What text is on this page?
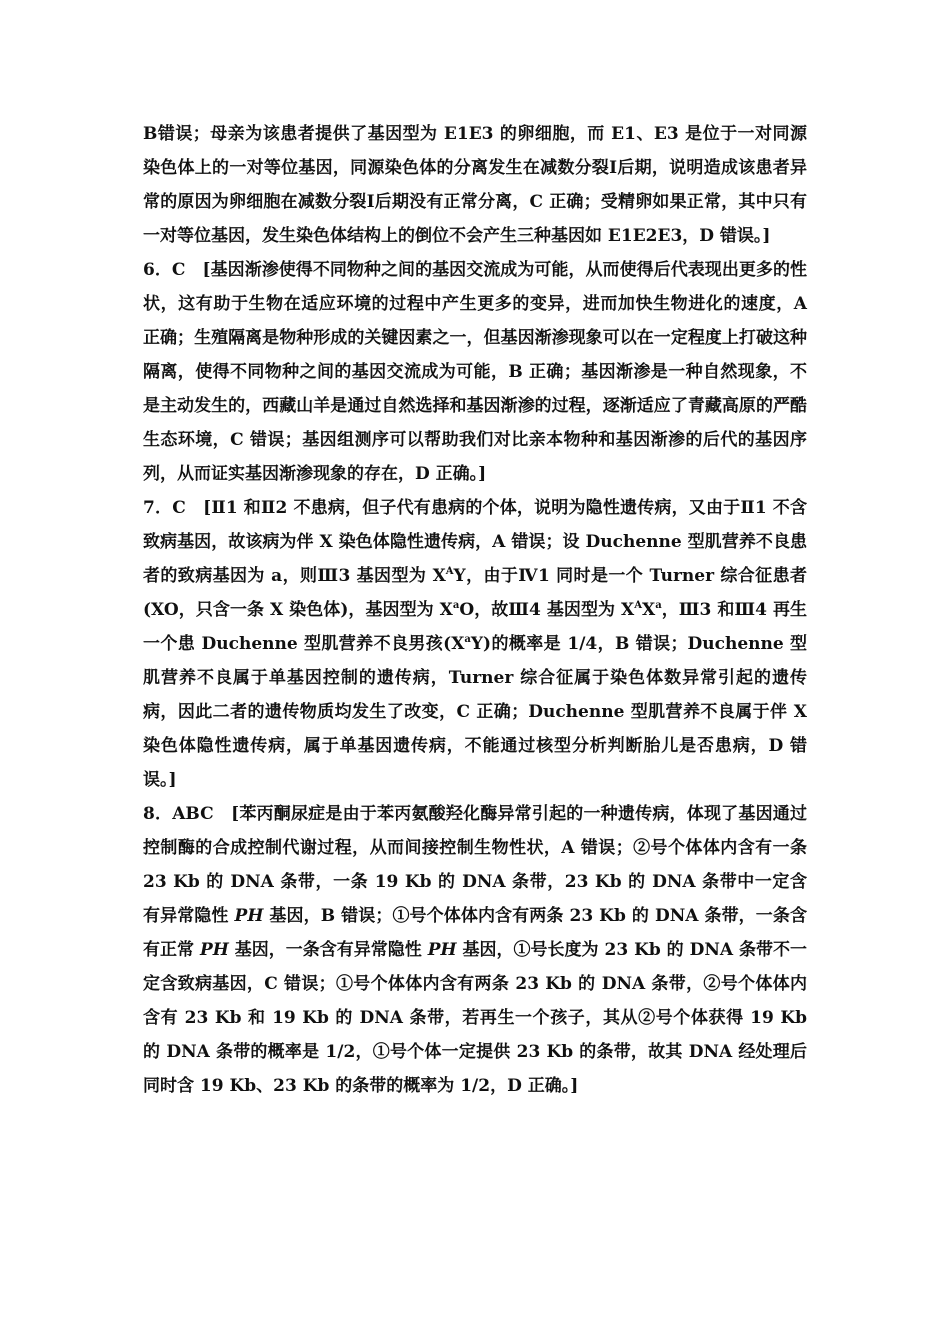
B错误；母亲为该患者提供了基因型为 E1E3 的卵细胞，而 E1、E3 是位于一对同源染色体上的一对等位基因，同源染色体的分离发生在减数分裂Ⅰ后期，说明造成该患者异常的原因为卵细胞在减数分裂Ⅰ后期没有正常分离，C 正确；受精卵如果正常，其中只有一对等位基因，发生染色体结构上的倒位不会产生三种基因如 E1E2E3，D 错误。]

6．C　[基因渐渗使得不同物种之间的基因交流成为可能，从而使得后代表现出更多的性状，这有助于生物在适应环境的过程中产生更多的变异，进而加快生物进化的速度，A 正确；生殖隔离是物种形成的关键因素之一，但基因渐渗现象可以在一定程度上打破这种隔离，使得不同物种之间的基因交流成为可能，B 正确；基因渐渗是一种自然现象，不是主动发生的，西藏山羊是通过自然选择和基因渐渗的过程，逐渐适应了青藏高原的严酷生态环境，C 错误；基因组测序可以帮助我们对比亲本物种和基因渐渗的后代的基因序列，从而证实基因渐渗现象的存在，D 正确。]

7．C　[Ⅱ1 和Ⅱ2 不患病，但子代有患病的个体，说明为隐性遗传病，又由于Ⅱ1 不含致病基因，故该病为伴 X 染色体隐性遗传病，A 错误；设 Duchenne 型肌营养不良患者的致病基因为 a，则Ⅲ3 基因型为 $X^AY$，由于Ⅳ1 同时是一个 Turner 综合征患者(XO，只含一条 X 染色体)，基因型为 $X^aO$，故Ⅲ4 基因型为 $X^AX^a$，Ⅲ3 和Ⅲ4 再生一个患 Duchenne 型肌营养不良男孩$(X^aY)$的概率是 1/4，B 错误；Duchenne 型肌营养不良属于单基因控制的遗传病，Turner 综合征属于染色体数异常引起的遗传病，因此二者的遗传物质均发生了改变，C 正确；Duchenne 型肌营养不良属于伴 X 染色体隐性遗传病，属于单基因遗传病，不能通过核型分析判断胎儿是否患病，D 错误。]

8．ABC　[苯丙酮尿症是由于苯丙氨酸羟化酶异常引起的一种遗传病，体现了基因通过控制酶的合成控制代谢过程，从而间接控制生物性状，A 错误；②号个体体内含有一条 23 Kb 的 DNA 条带，一条 19 Kb 的 DNA 条带，23 Kb 的 DNA 条带中一定含有异常隐性 PH 基因，B 错误；①号个体体内含有两条 23 Kb 的 DNA 条带，一条含有正常 PH 基因，一条含有异常隐性 PH 基因，①号长度为 23 Kb 的 DNA 条带不一定含致病基因，C 错误；①号个体体内含有两条 23 Kb 的 DNA 条带，②号个体体内含有 23 Kb 和 19 Kb 的 DNA 条带，若再生一个孩子，其从②号个体获得 19 Kb 的 DNA 条带的概率是 1/2，①号个体一定提供 23 Kb 的条带，故其 DNA 经处理后同时含 19 Kb、23 Kb 的条带的概率为 1/2，D 正确。]
